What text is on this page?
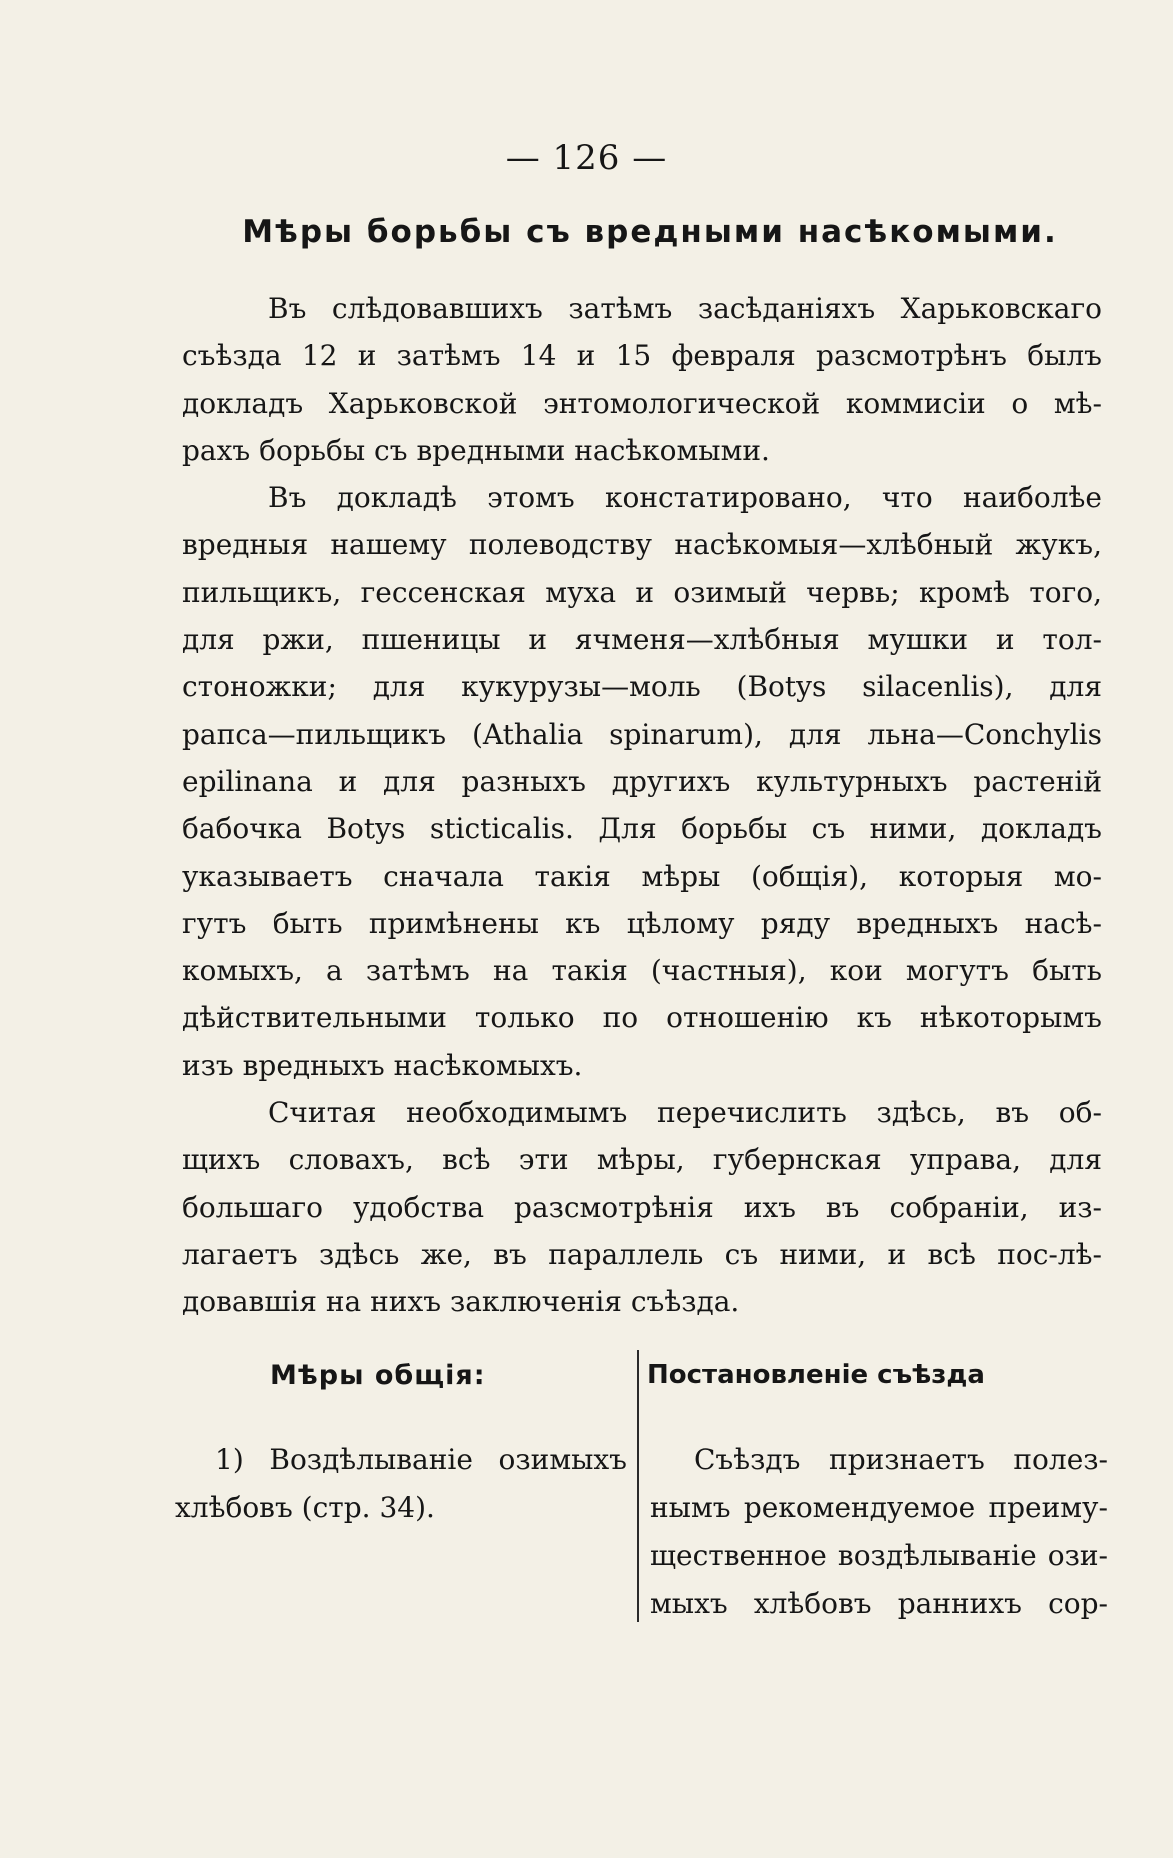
— 126 —
Мѣры борьбы съ вредными насѣкомыми.
Въ слѣдовавшихъ затѣмъ засѣданіяхъ Харьковскаго
съѣзда 12 и затѣмъ 14 и 15 февраля разсмотрѣнъ былъ
докладъ Харьковской энтомологической коммисіи о мѣ-
рахъ борьбы съ вредными насѣкомыми.
Въ докладѣ этомъ констатировано, что наиболѣе
вредныя нашему полеводству насѣкомыя—хлѣбный жукъ,
пильщикъ, гессенская муха и озимый червь; кромѣ того,
для ржи, пшеницы и ячменя—хлѣбныя мушки и тол-
стоножки; для кукурузы—моль (Botys silacenlis), для
рапса—пильщикъ (Athalia spinarum), для льна—Conchylis
epilinana и для разныхъ другихъ культурныхъ растеній
бабочка Botys sticticalis. Для борьбы съ ними, докладъ
указываетъ сначала такія мѣры (общія), которыя мо-
гутъ быть примѣнены къ цѣлому ряду вредныхъ насѣ-
комыхъ, а затѣмъ на такія (частныя), кои могутъ быть
дѣйствительными только по отношенію къ нѣкоторымъ
изъ вредныхъ насѣкомыхъ.
Считая необходимымъ перечислить здѣсь, въ об-
щихъ словахъ, всѣ эти мѣры, губернская управа, для
большаго удобства разсмотрѣнія ихъ въ собраніи, из-
лагаетъ здѣсь же, въ параллель съ ними, и всѣ пос-лѣ-
довавшія на нихъ заключенія съѣзда.
Мѣры общія:	Постановленіе съѣзда
1) Воздѣлываніе озимыхъ
хлѣбовъ (стр. 34).
Съѣздъ признаетъ полез-
нымъ рекомендуемое преиму-
щественное воздѣлываніе ози-
мыхъ хлѣбовъ раннихъ сор-
